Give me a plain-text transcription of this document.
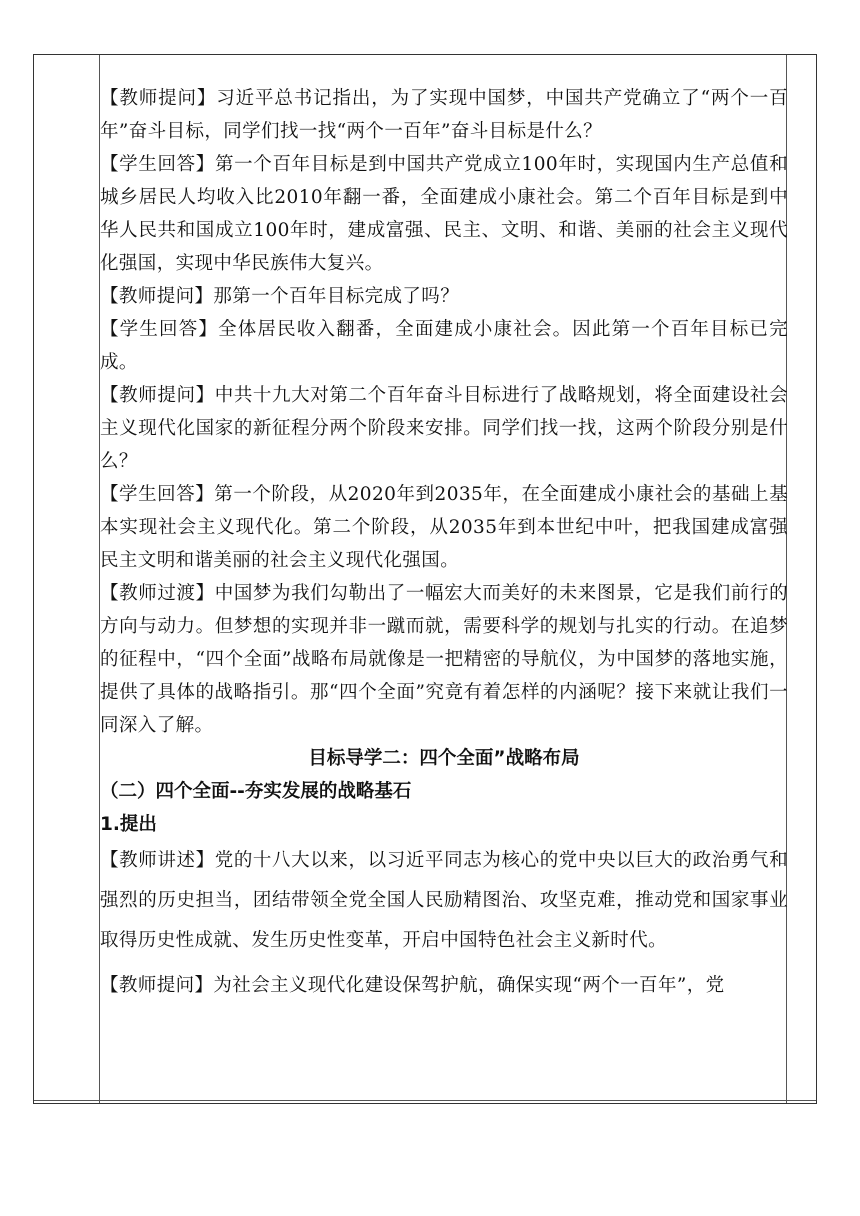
【教师提问】习近平总书记指出，为了实现中国梦，中国共产党确立了“两个一百年”奋斗目标，同学们找一找“两个一百年”奋斗目标是什么？

【学生回答】第一个百年目标是到中国共产党成立100年时，实现国内生产总值和城乡居民人均收入比2010年翻一番，全面建成小康社会。第二个百年目标是到中华人民共和国成立100年时，建成富强、民主、文明、和谐、美丽的社会主义现代化强国，实现中华民族伟大复兴。

【教师提问】那第一个百年目标完成了吗？

【学生回答】全体居民收入翻番，全面建成小康社会。因此第一个百年目标已完成。

【教师提问】中共十九大对第二个百年奋斗目标进行了战略规划，将全面建设社会主义现代化国家的新征程分两个阶段来安排。同学们找一找，这两个阶段分别是什么？

【学生回答】第一个阶段，从2020年到2035年，在全面建成小康社会的基础上基本实现社会主义现代化。第二个阶段，从2035年到本世纪中叶，把我国建成富强民主文明和谐美丽的社会主义现代化强国。

【教师过渡】中国梦为我们勾勒出了一幅宏大而美好的未来图景，它是我们前行的方向与动力。但梦想的实现并非一蹴而就，需要科学的规划与扎实的行动。在追梦的征程中，“四个全面”战略布局就像是一把精密的导航仪，为中国梦的落地实施，提供了具体的战略指引。那“四个全面”究竟有着怎样的内涵呢？接下来就让我们一同深入了解。

目标导学二：四个全面”战略布局

（二）四个全面--夯实发展的战略基石

1.提出

【教师讲述】党的十八大以来，以习近平同志为核心的党中央以巨大的政治勇气和强烈的历史担当，团结带领全党全国人民励精图治、攻坚克难，推动党和国家事业取得历史性成就、发生历史性变革，开启中国特色社会主义新时代。

【教师提问】为社会主义现代化建设保驾护航，确保实现“两个一百年”，党
